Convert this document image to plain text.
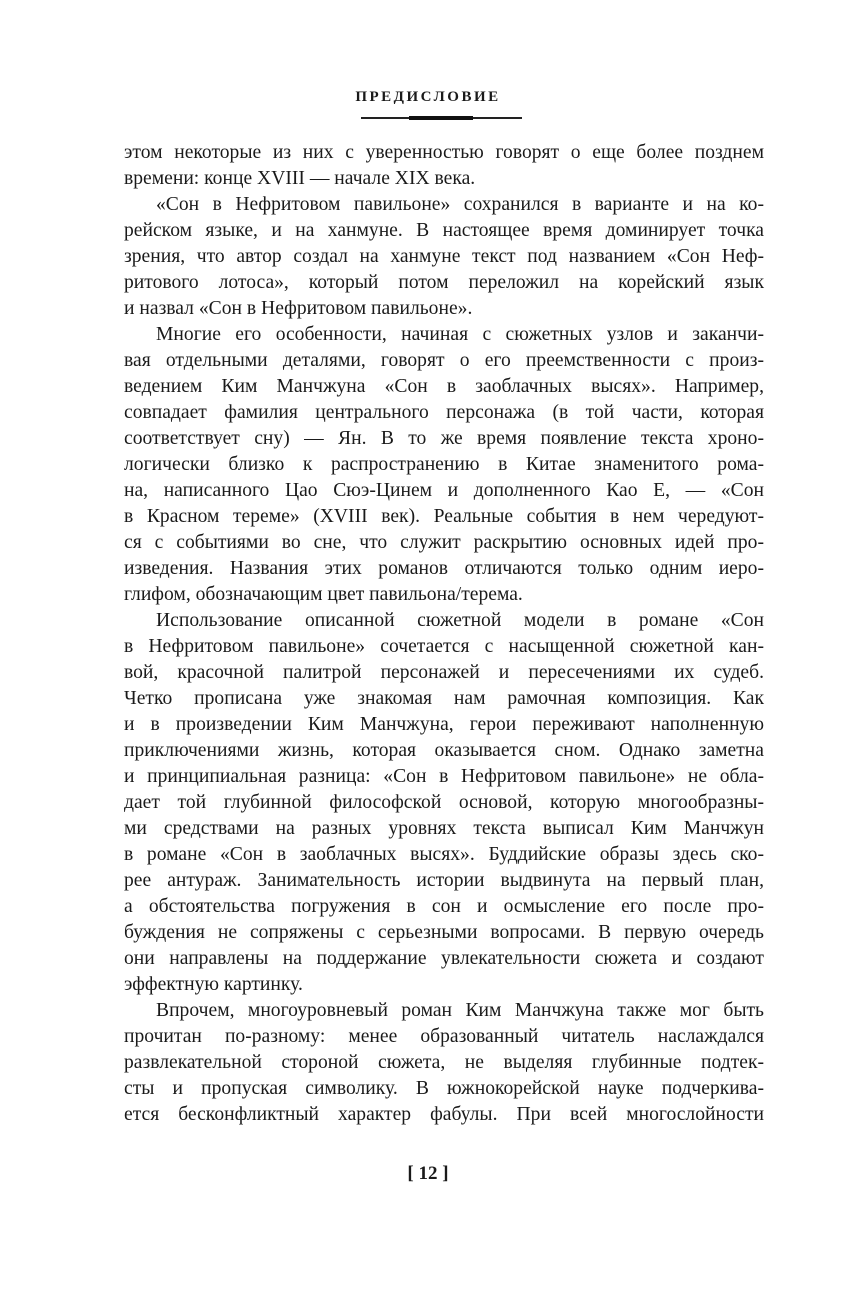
ПРЕДИСЛОВИЕ
этом некоторые из них с уверенностью говорят о еще более позднем
времени: конце XVIII — начале XIX века.
«Сон в Нефритовом павильоне» сохранился в варианте и на ко-
рейском языке, и на ханмуне. В настоящее время доминирует точка
зрения, что автор создал на ханмуне текст под названием «Сон Неф-
ритового лотоса», который потом переложил на корейский язык
и назвал «Сон в Нефритовом павильоне».
Многие его особенности, начиная с сюжетных узлов и заканчи-
вая отдельными деталями, говорят о его преемственности с произ-
ведением Ким Манчжуна «Сон в заоблачных высях». Например,
совпадает фамилия центрального персонажа (в той части, которая
соответствует сну) — Ян. В то же время появление текста хроно-
логически близко к распространению в Китае знаменитого рома-
на, написанного Цао Сюэ-Цинем и дополненного Као Е, — «Сон
в Красном тереме» (XVIII век). Реальные события в нем чередуют-
ся с событиями во сне, что служит раскрытию основных идей про-
изведения. Названия этих романов отличаются только одним иеро-
глифом, обозначающим цвет павильона/терема.
Использование описанной сюжетной модели в романе «Сон
в Нефритовом павильоне» сочетается с насыщенной сюжетной кан-
вой, красочной палитрой персонажей и пересечениями их судеб.
Четко прописана уже знакомая нам рамочная композиция. Как
и в произведении Ким Манчжуна, герои переживают наполненную
приключениями жизнь, которая оказывается сном. Однако заметна
и принципиальная разница: «Сон в Нефритовом павильоне» не обла-
дает той глубинной философской основой, которую многообразны-
ми средствами на разных уровнях текста выписал Ким Манчжун
в романе «Сон в заоблачных высях». Буддийские образы здесь ско-
рее антураж. Занимательность истории выдвинута на первый план,
а обстоятельства погружения в сон и осмысление его после про-
буждения не сопряжены с серьезными вопросами. В первую очередь
они направлены на поддержание увлекательности сюжета и создают
эффектную картинку.
Впрочем, многоуровневый роман Ким Манчжуна также мог быть
прочитан по-разному: менее образованный читатель наслаждался
развлекательной стороной сюжета, не выделяя глубинные подтек-
сты и пропуская символику. В южнокорейской науке подчеркива-
ется бесконфликтный характер фабулы. При всей многослойности
[ 12 ]
